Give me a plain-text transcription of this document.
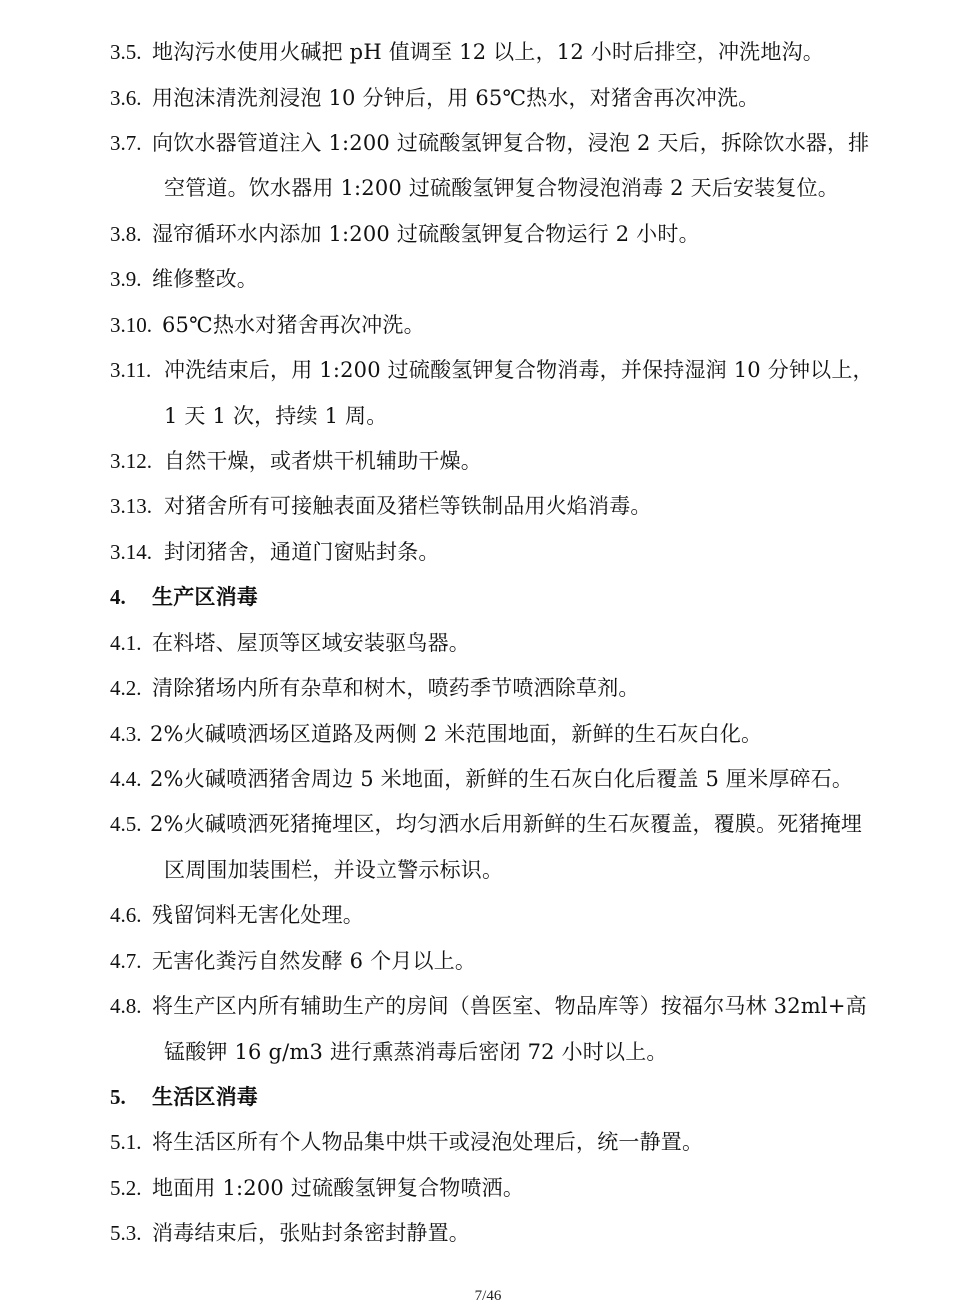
3.5. 地沟污水使用火碱把 pH 值调至 12 以上，12 小时后排空，冲洗地沟。
3.6. 用泡沫清洗剂浸泡 10 分钟后，用 65℃热水，对猪舍再次冲洗。
3.7. 向饮水器管道注入 1:200 过硫酸氢钾复合物，浸泡 2 天后，拆除饮水器，排
空管道。饮水器用 1:200 过硫酸氢钾复合物浸泡消毒 2 天后安装复位。
3.8. 湿帘循环水内添加 1:200 过硫酸氢钾复合物运行 2 小时。
3.9. 维修整改。
3.10. 65℃热水对猪舍再次冲洗。
3.11. 冲洗结束后，用 1:200 过硫酸氢钾复合物消毒，并保持湿润 10 分钟以上，
1 天 1 次，持续 1 周。
3.12. 自然干燥，或者烘干机辅助干燥。
3.13. 对猪舍所有可接触表面及猪栏等铁制品用火焰消毒。
3.14. 封闭猪舍，通道门窗贴封条。
4. 生产区消毒
4.1. 在料塔、屋顶等区域安装驱鸟器。
4.2. 清除猪场内所有杂草和树木，喷药季节喷洒除草剂。
4.3. 2%火碱喷洒场区道路及两侧 2 米范围地面，新鲜的生石灰白化。
4.4. 2%火碱喷洒猪舍周边 5 米地面，新鲜的生石灰白化后覆盖 5 厘米厚碎石。
4.5. 2%火碱喷洒死猪掩埋区，均匀洒水后用新鲜的生石灰覆盖，覆膜。死猪掩埋
区周围加装围栏，并设立警示标识。
4.6. 残留饲料无害化处理。
4.7. 无害化粪污自然发酵 6 个月以上。
4.8. 将生产区内所有辅助生产的房间（兽医室、物品库等）按福尔马林 32ml+高
锰酸钾 16 g/m3 进行熏蒸消毒后密闭 72 小时以上。
5. 生活区消毒
5.1. 将生活区所有个人物品集中烘干或浸泡处理后，统一静置。
5.2. 地面用 1:200 过硫酸氢钾复合物喷洒。
5.3. 消毒结束后，张贴封条密封静置。
7/46
